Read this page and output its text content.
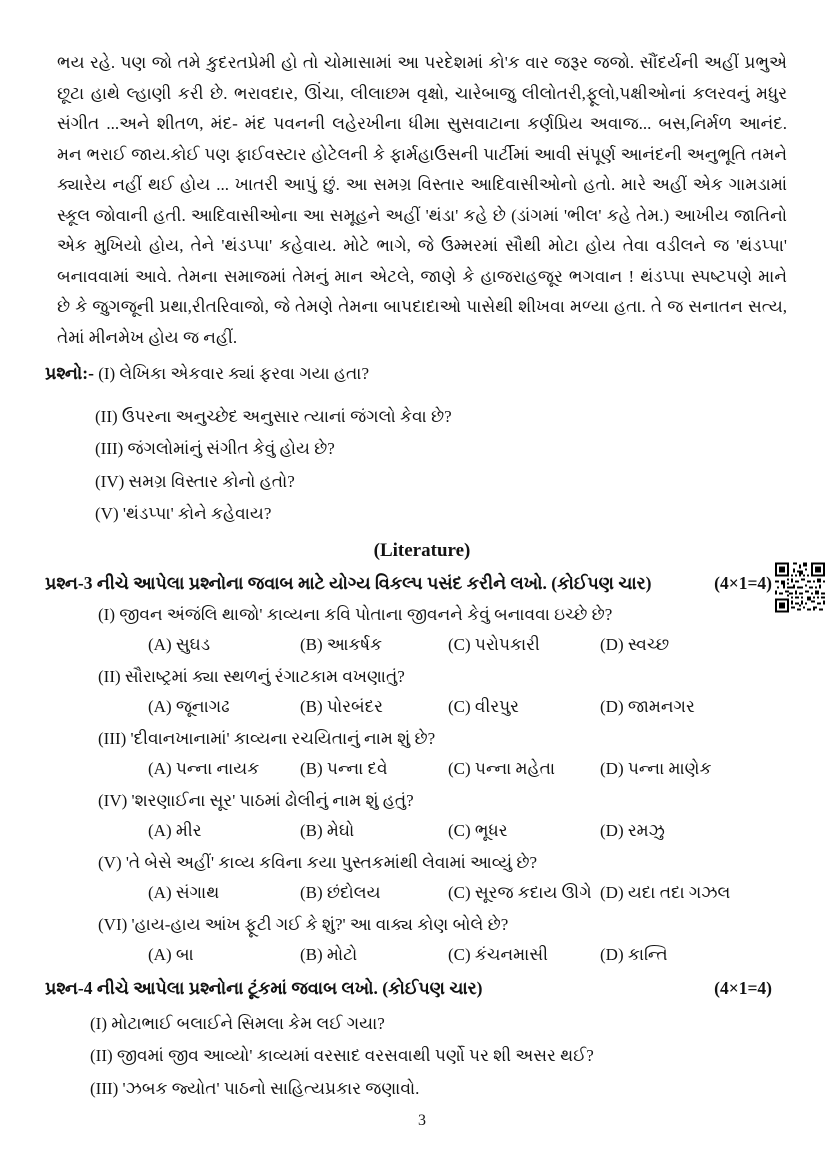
ભય રહે. પણ જો તમે કુદરતપ્રેમી હો તો ચોમાસામાં આ પરદેશમાં કો'ક વાર જરૂર જજો. સૌંદર્યની અહીં પ્રભુએ
છૂટા હાથે લ્હાણી કરી છે. ભરાવદાર, ઊંચા, લીલાછમ વૃક્ષો, ચારેબાજુ લીલોતરી,ફૂલો,પક્ષીઓનાં કલરવનું મધુર
સંગીત ...અને શીતળ, મંદ- મંદ પવનની લહેરખીના ધીમા સુસવાટાના કર્ણપ્રિય અવાજ... બસ,નિર્મળ આનંદ.
મન ભરાઈ જાય.કોઈ પણ ફાઈવસ્ટાર હોટેલની કે ફાર્મહાઉસની પાર્ટીમાં આવી સંપૂર્ણ આનંદની અનુભૂતિ તમને
ક્યારેય નહીં થઈ હોય ... ખાતરી આપું છું. આ સમગ્ર વિસ્તાર આદિવાસીઓનો હતો. મારે અહીં એક ગામડામાં
સ્કૂલ જોવાની હતી. આદિવાસીઓના આ સમૂહને અહીં 'થંડા' કહે છે (ડાંગમાં 'ભીલ' કહે તેમ.) આખીય જાતિનો
એક મુખિયો હોય, તેને 'થંડપ્પા' કહેવાય. મોટે ભાગે, જે ઉમ્મરમાં સૌથી મોટા હોય તેવા વડીલને જ 'થંડપ્પા'
બનાવવામાં આવે. તેમના સમાજમાં તેમનું માન એટલે, જાણે કે હાજરાહજૂર ભગવાન ! થંડપ્પા સ્પષ્ટપણે માને
છે કે જુગજૂની પ્રથા,રીતરિવાજો, જે તેમણે તેમના બાપદાદાઓ પાસેથી શીખવા મળ્યા હતા. તે જ સનાતન સત્ય,
તેમાં મીનમેખ હોય જ નહીં.
પ્રશ્નો:- (I) લેખિકા એકવાર ક્યાં ફરવા ગયા હતા?
(II) ઉપરના અનુચ્છેદ અનુસાર ત્યાનાં જંગલો કેવા છે?
(III) જંગલોમાંનું સંગીત કેવું હોય છે?
(IV) સમગ્ર વિસ્તાર કોનો હતો?
(V) 'થંડપ્પા' કોને કહેવાય?
(Literature)
પ્રશ્ન-3 નીચે આપેલા પ્રશ્નોના જવાબ માટે યોગ્ય વિકલ્પ પસંદ કરીને લખો. (કોઈપણ ચાર)	(4×1=4)
(I) જીવન અંજંલિ થાજો' કાવ્યના કવિ પોતાના જીવનને કેવું બનાવવા ઇચ્છે છે?
(A) સુઘડ	(B) આકર્ષક	(C) પરોપકારી	(D) સ્વચ્છ
(II) સૌરાષ્ટ્રમાં ક્યા સ્થળનું રંગાટકામ વખણાતું?
(A) જૂનાગઢ	(B) પોરબંદર	(C) વીરપુર	(D) જામનગર
(III) 'દીવાનખાનામાં' કાવ્યના રચયિતાનું નામ શું છે?
(A) પન્ના નાયક (B) પન્ના દવે	(C) પન્ના મહેતા	(D) પન્ના માણેક
(IV) 'શરણાઈના સૂર' પાઠમાં ઢોલીનું નામ શું હતું?
(A) મીર	(B) મેઘો	(C) ભૂધર	(D) રમઝુ
(V) 'તે બેસે અહીં' કાવ્ય કવિના કયા પુસ્તકમાંથી લેવામાં આવ્યું છે?
(A) સંગાથ	(B) છંદોલય	(C) સૂરજ કદાય ઊગે (D) યદા તદા ગઝલ
(VI) 'હાય-હાય આંખ ફૂટી ગઈ કે શું?' આ વાક્ય કોણ બોલે છે?
(A) બા	(B) મોટો	(C) કંચનમાસી	(D) કાન્તિ
પ્રશ્ન-4 નીચે આપેલા પ્રશ્નોના ટૂંકમાં જવાબ લખો. (કોઈપણ ચાર)	(4×1=4)
(I) મોટાભાઈ બલાઈને સિમલા કેમ લઈ ગયા?
(II) જીવમાં જીવ આવ્યો' કાવ્યમાં વરસાદ વરસવાથી પર્ણો પર શી અસર થઈ?
(III) 'ઝબક જ્યોત' પાઠનો સાહિત્યપ્રકાર જણાવો.
3
